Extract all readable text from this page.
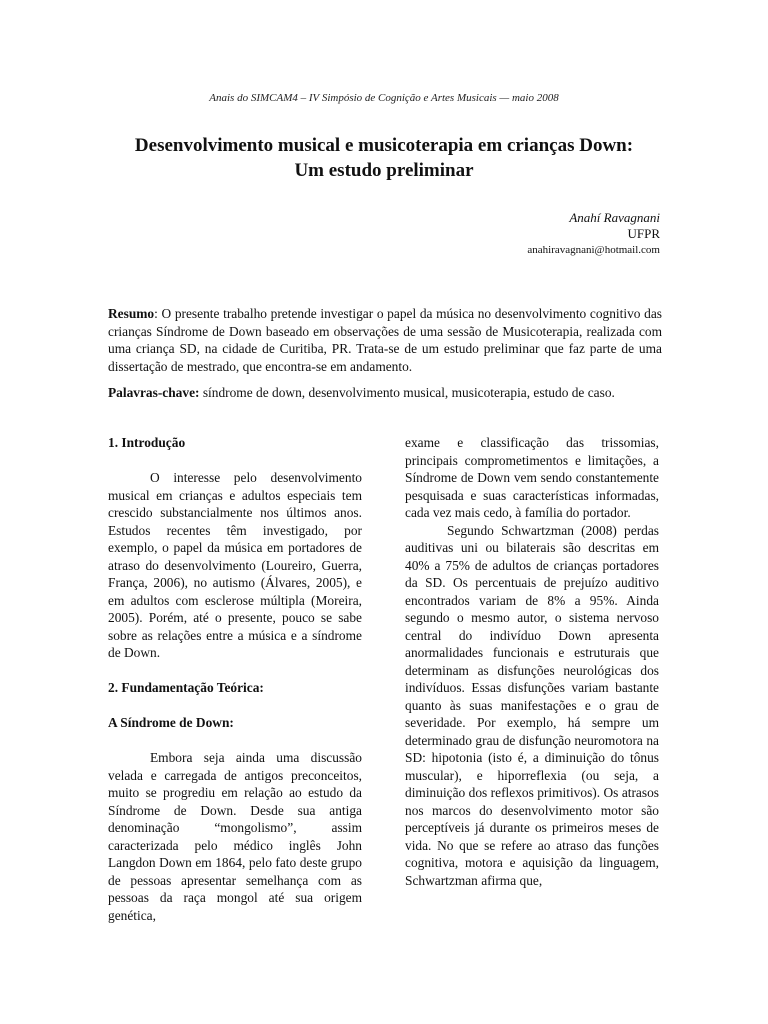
Anais do SIMCAM4 – IV Simpósio de Cognição e Artes Musicais — maio 2008
Desenvolvimento musical e musicoterapia em crianças Down:
Um estudo preliminar
Anahí Ravagnani
UFPR
anahiravagnani@hotmail.com

Resumo: O presente trabalho pretende investigar o papel da música no desenvolvimento cognitivo das crianças Síndrome de Down baseado em observações de uma sessão de Musicoterapia, realizada com uma criança SD, na cidade de Curitiba, PR. Trata-se de um estudo preliminar que faz parte de uma dissertação de mestrado, que encontra-se em andamento.

Palavras-chave: síndrome de down, desenvolvimento musical, musicoterapia, estudo de caso.

1. Introdução

O interesse pelo desenvolvimento musical em crianças e adultos especiais tem crescido substancialmente nos últimos anos. Estudos recentes têm investigado, por exemplo, o papel da música em portadores de atraso do desenvolvimento (Loureiro, Guerra, França, 2006), no autismo (Álvares, 2005), e em adultos com esclerose múltipla (Moreira, 2005). Porém, até o presente, pouco se sabe sobre as relações entre a música e a síndrome de Down.

2. Fundamentação Teórica:
A Síndrome de Down:

Embora seja ainda uma discussão velada e carregada de antigos preconceitos, muito se progrediu em relação ao estudo da Síndrome de Down. Desde sua antiga denominação “mongolismo”, assim caracterizada pelo médico inglês John Langdon Down em 1864, pelo fato deste grupo de pessoas apresentar semelhança com as pessoas da raça mongol até sua origem genética,

exame e classificação das trissomias, principais comprometimentos e limitações, a Síndrome de Down vem sendo constantemente pesquisada e suas características informadas, cada vez mais cedo, à família do portador.

Segundo Schwartzman (2008) perdas auditivas uni ou bilaterais são descritas em 40% a 75% de adultos de crianças portadores da SD. Os percentuais de prejuízo auditivo encontrados variam de 8% a 95%. Ainda segundo o mesmo autor, o sistema nervoso central do indivíduo Down apresenta anormalidades funcionais e estruturais que determinam as disfunções neurológicas dos indivíduos. Essas disfunções variam bastante quanto às suas manifestações e o grau de severidade. Por exemplo, há sempre um determinado grau de disfunção neuromotora na SD: hipotonia (isto é, a diminuição do tônus muscular), e hiporreflexia (ou seja, a diminuição dos reflexos primitivos). Os atrasos nos marcos do desenvolvimento motor são perceptíveis já durante os primeiros meses de vida. No que se refere ao atraso das funções cognitiva, motora e aquisição da linguagem, Schwartzman afirma que,
